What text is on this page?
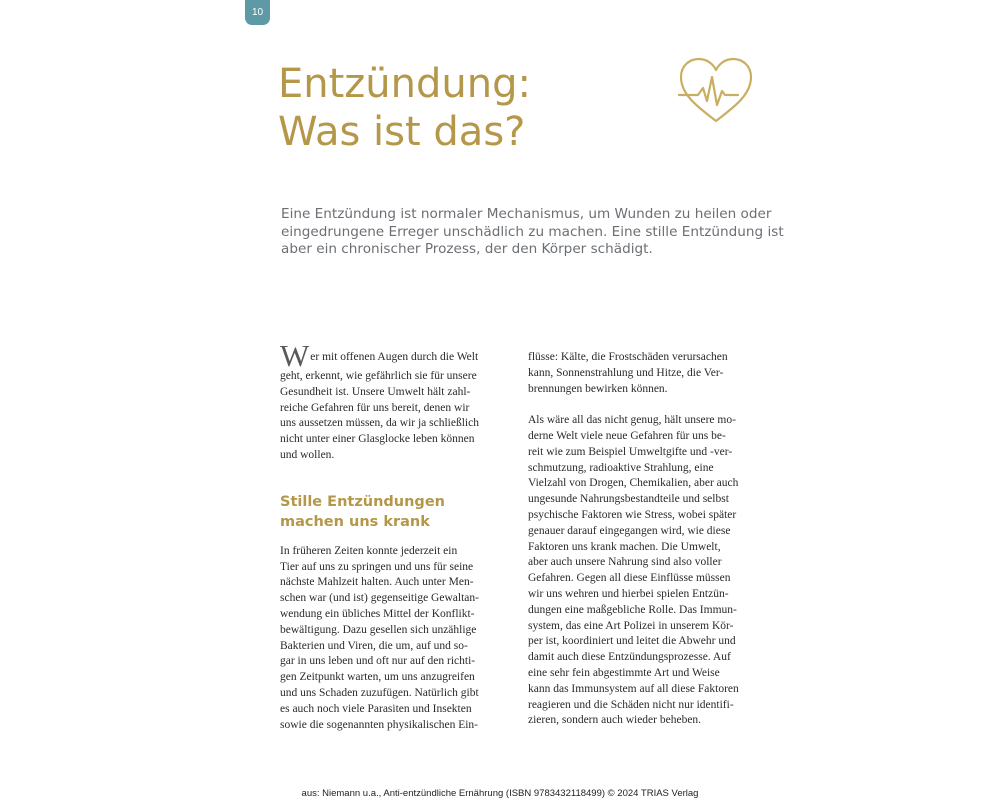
10
Entzündung:
Was ist das?

Eine Entzündung ist normaler Mechanismus, um Wunden zu heilen oder
eingedrungene Erreger unschädlich zu machen. Eine stille Entzündung ist
aber ein chronischer Prozess, der den Körper schädigt.

W er mit offenen Augen durch die Welt
geht, erkennt, wie gefährlich sie für unsere
Gesundheit ist. Unsere Umwelt hält zahl-
reiche Gefahren für uns bereit, denen wir
uns aussetzen müssen, da wir ja schließlich
nicht unter einer Glasglocke leben können
und wollen.
Stille Entzündungen
machen uns krank
In früheren Zeiten konnte jederzeit ein
Tier auf uns zu springen und uns für seine
nächste Mahlzeit halten. Auch unter Men-
schen war (und ist) gegenseitige Gewaltan-
wendung ein übliches Mittel der Konflikt-
bewältigung. Dazu gesellen sich unzählige
Bakterien und Viren, die um, auf und so-
gar in uns leben und oft nur auf den richti-
gen Zeitpunkt warten, um uns anzugreifen
und uns Schaden zuzufügen. Natürlich gibt
es auch noch viele Parasiten und Insekten
sowie die sogenannten physikalischen Ein-
flüsse: Kälte, die Frostschäden verursachen
kann, Sonnenstrahlung und Hitze, die Ver-
brennungen bewirken können.
Als wäre all das nicht genug, hält unsere mo-
derne Welt viele neue Gefahren für uns be-
reit wie zum Beispiel Umweltgifte und -ver-
schmutzung, radioaktive Strahlung, eine
Vielzahl von Drogen, Chemikalien, aber auch
ungesunde Nahrungsbestandteile und selbst
psychische Faktoren wie Stress, wobei später
genauer darauf eingegangen wird, wie diese
Faktoren uns krank machen. Die Umwelt,
aber auch unsere Nahrung sind also voller
Gefahren. Gegen all diese Einflüsse müssen
wir uns wehren und hierbei spielen Entzün-
dungen eine maßgebliche Rolle. Das Immun-
system, das eine Art Polizei in unserem Kör-
per ist, koordiniert und leitet die Abwehr und
damit auch diese Entzündungsprozesse. Auf
eine sehr fein abgestimmte Art und Weise
kann das Immunsystem auf all diese Faktoren
reagieren und die Schäden nicht nur identifi-
zieren, sondern auch wieder beheben.
aus: Niemann u.a., Anti-entzündliche Ernährung (ISBN 9783432118499) © 2024 TRIAS Verlag
